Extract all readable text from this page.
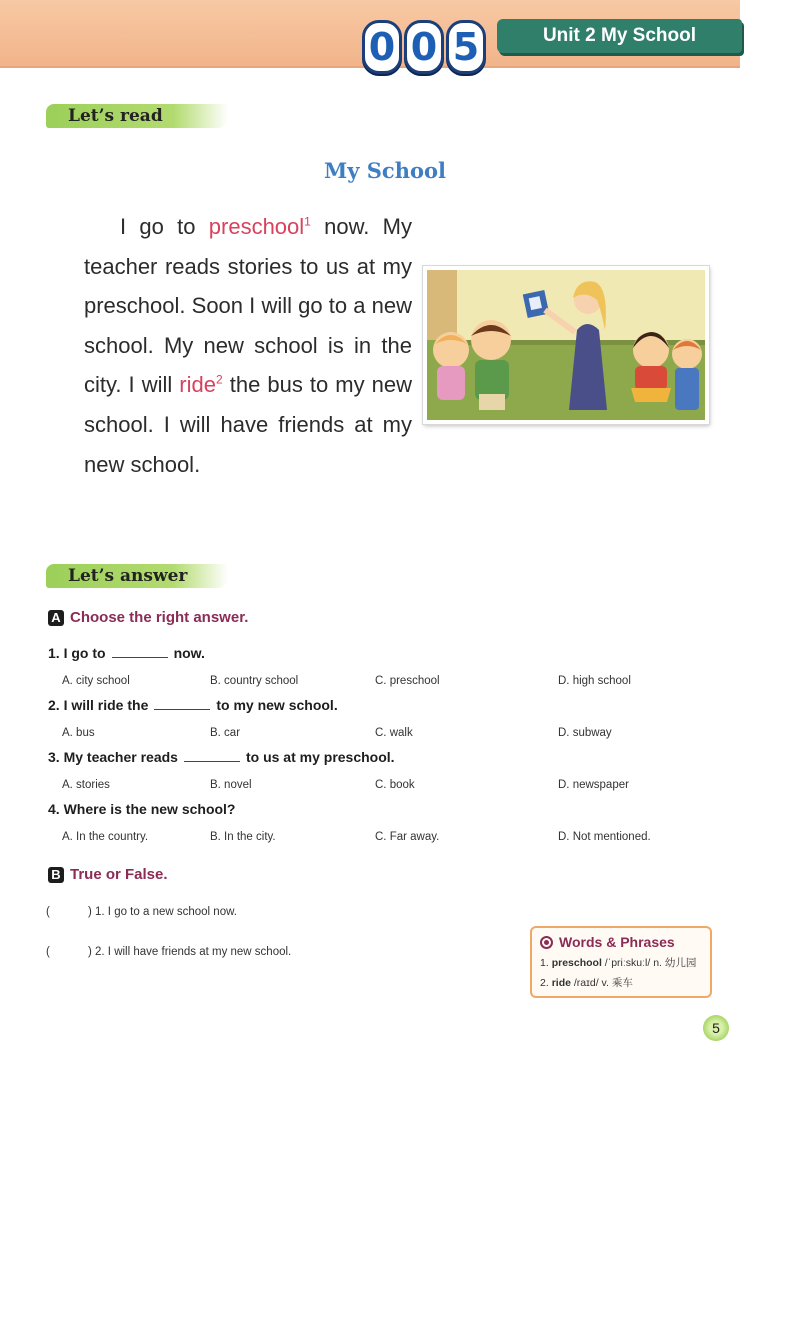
0 0 5	Unit 2 My School
Let’s read
My School
I go to preschool$^1$ now. My teacher reads stories to us at my preschool. Soon I will go to a new school. My new school is in the city. I will ride$^2$ the bus to my new school. I will have friends at my new school.
Let’s answer
A Choose the right answer.
1. I go to	now.
A. city school	B. country school	C. preschool	D. high school
2. I will ride the	to my new school.
A. bus	B. car	C. walk	D. subway
3. My teacher reads	to us at my preschool.
A. stories	B. novel	C. book	D. newspaper
4. Where is the new school?
A. In the country.	B. In the city.	C. Far away.	D. Not mentioned.
B True or False.
(	) 1. I go to a new school now.
(	) 2. I will have friends at my new school.
Words & Phrases
1. preschool /ˈpriːskuːl/ n. 幼儿园
2. ride /raɪd/ v. 乘车
5
